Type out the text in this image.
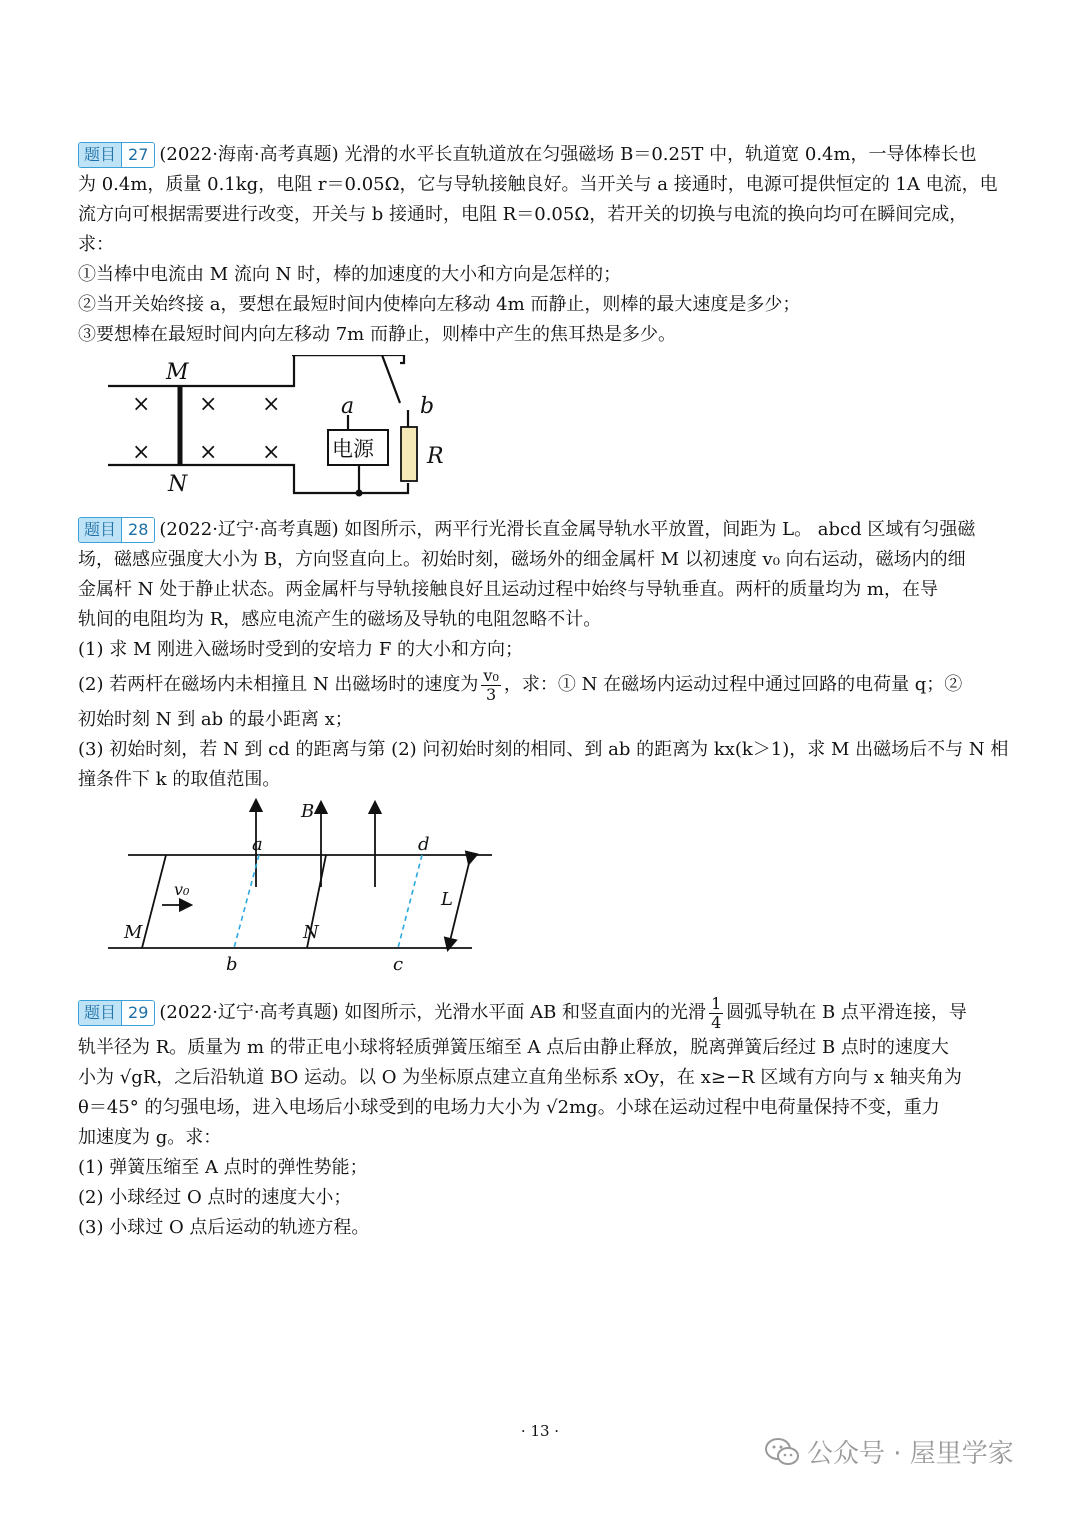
题目 27 (2022·海南·高考真题) 光滑的水平长直轨道放在匀强磁场 B＝0.25T 中，轨道宽 0.4m，一导体棒长也

为 0.4m，质量 0.1kg，电阻 r＝0.05Ω，它与导轨接触良好。当开关与 a 接通时，电源可提供恒定的 1A 电流，电

流方向可根据需要进行改变，开关与 b 接通时，电阻 R＝0.05Ω，若开关的切换与电流的换向均可在瞬间完成，

求：

①当棒中电流由 M 流向 N 时，棒的加速度的大小和方向是怎样的；

②当开关始终接 a，要想在最短时间内使棒向左移动 4m 而静止，则棒的最大速度是多少；

③要想棒在最短时间内向左移动 7m 而静止，则棒中产生的焦耳热是多少。

M
N
a	b
R
电源
× × ×
× × ×

题目 28 (2022·辽宁·高考真题) 如图所示，两平行光滑长直金属导轨水平放置，间距为 L。 abcd 区域有匀强磁

场，磁感应强度大小为 B，方向竖直向上。初始时刻，磁场外的细金属杆 M 以初速度 v₀ 向右运动，磁场内的细

金属杆 N 处于静止状态。两金属杆与导轨接触良好且运动过程中始终与导轨垂直。两杆的质量均为 m，在导

轨间的电阻均为 R，感应电流产生的磁场及导轨的电阻忽略不计。

(1) 求 M 刚进入磁场时受到的安培力 F 的大小和方向；

(2) 若两杆在磁场内未相撞且 N 出磁场时的速度为 $\frac{\text{v₀}}{3}$ ，求：① N 在磁场内运动过程中通过回路的电荷量 q；②

初始时刻 N 到 ab 的最小距离 x；

(3) 初始时刻，若 N 到 cd 的距离与第 (2) 问初始时刻的相同、到 ab 的距离为 kx(k＞1)，求 M 出磁场后不与 N 相

撞条件下 k 的取值范围。

B
a	d
b	c
L
M	N
v₀

题目 29 (2022·辽宁·高考真题) 如图所示，光滑水平面 AB 和竖直面内的光滑 $\frac{1}{4}$ 圆弧导轨在 B 点平滑连接，导

轨半径为 R。质量为 m 的带正电小球将轻质弹簧压缩至 A 点后由静止释放，脱离弹簧后经过 B 点时的速度大

小为 √gR，之后沿轨道 BO 运动。以 O 为坐标原点建立直角坐标系 xOy，在 x≥−R 区域有方向与 x 轴夹角为

θ＝45° 的匀强电场，进入电场后小球受到的电场力大小为 √2mg。小球在运动过程中电荷量保持不变，重力

加速度为 g。求：

(1) 弹簧压缩至 A 点时的弹性势能；

(2) 小球经过 O 点时的速度大小；

(3) 小球过 O 点后运动的轨迹方程。

· 13 ·
公众号 · 屋里学家
